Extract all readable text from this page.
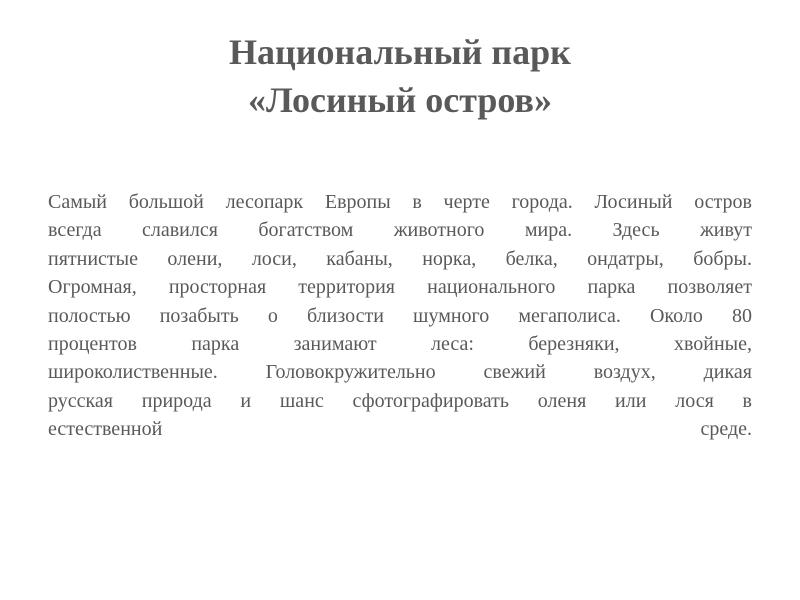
Национальный парк
«Лосиный остров»
Самый большой лесопарк Европы в черте города. Лосиный остров
всегда славился богатством животного мира. Здесь живут
пятнистые олени, лоси, кабаны, норка, белка, ондатры, бобры.
Огромная, просторная территория национального парка позволяет
полостью позабыть о близости шумного мегаполиса. Около 80
процентов парка занимают леса: березняки, хвойные,
широколиственные. Головокружительно свежий воздух, дикая
русская природа и шанс сфотографировать оленя или лося в
естественной среде.
